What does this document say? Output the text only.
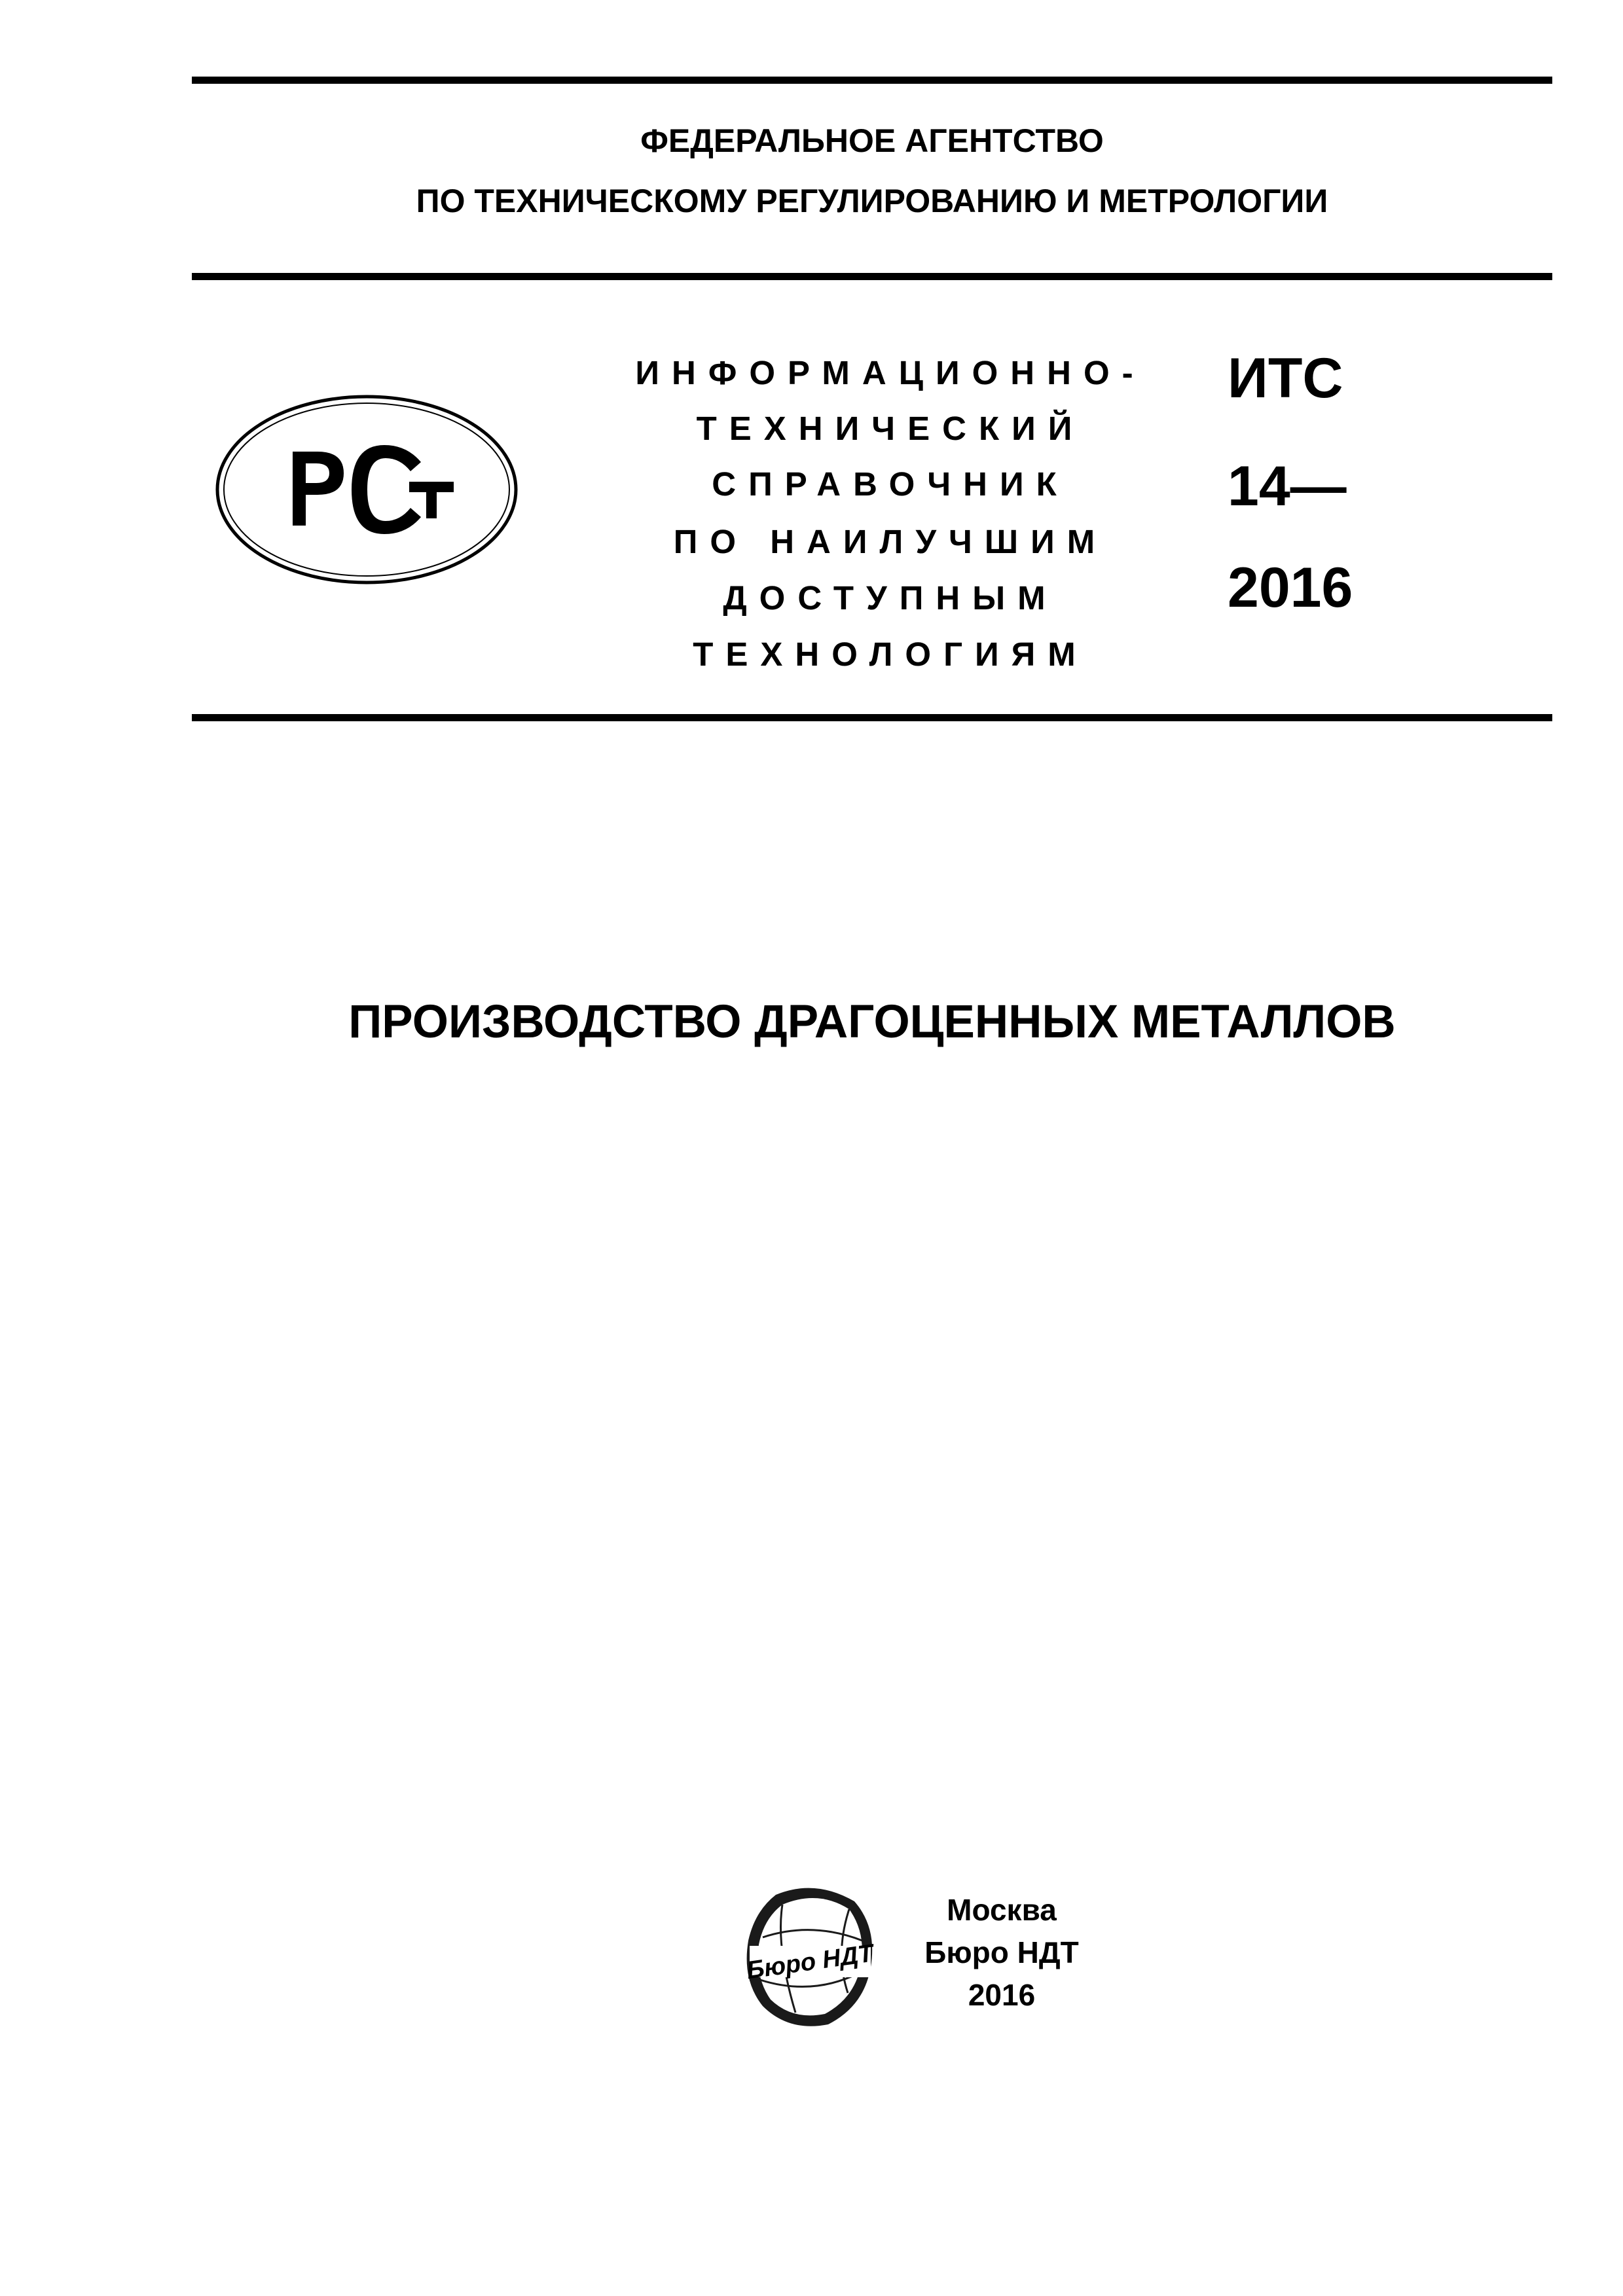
ФЕДЕРАЛЬНОЕ АГЕНТСТВО
ПО ТЕХНИЧЕСКОМУ РЕГУЛИРОВАНИЮ И МЕТРОЛОГИИ
РСТ
ИНФОРМАЦИОННО-
ТЕХНИЧЕСКИЙ
СПРАВОЧНИК
ПО НАИЛУЧШИМ
ДОСТУПНЫМ
ТЕХНОЛОГИЯМ
ИТС
14—
2016
ПРОИЗВОДСТВО ДРАГОЦЕННЫХ МЕТАЛЛОВ
Бюро НДТ
Москва
Бюро НДТ
2016
